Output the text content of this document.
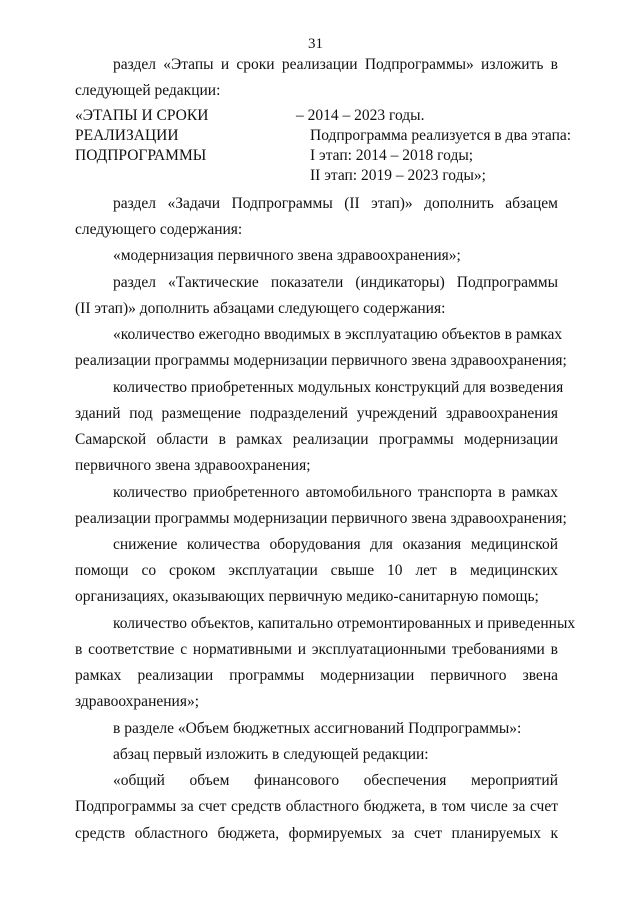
31
раздел «Этапы и сроки реализации Подпрограммы» изложить в
следующей редакции:
«ЭТАПЫ И СРОКИ
РЕАЛИЗАЦИИ
ПОДПРОГРАММЫ
– 2014 – 2023 годы.
Подпрограмма реализуется в два этапа:
I этап: 2014 – 2018 годы;
II этап: 2019 – 2023 годы»;
раздел «Задачи Подпрограммы (II этап)» дополнить абзацем
следующего содержания:
«модернизация первичного звена здравоохранения»;
раздел «Тактические показатели (индикаторы) Подпрограммы
(II этап)» дополнить абзацами следующего содержания:
«количество ежегодно вводимых в эксплуатацию объектов в рамках
реализации программы модернизации первичного звена здравоохранения;
количество приобретенных модульных конструкций для возведения
зданий под размещение подразделений учреждений здравоохранения
Самарской области в рамках реализации программы модернизации
первичного звена здравоохранения;
количество приобретенного автомобильного транспорта в рамках
реализации программы модернизации первичного звена здравоохранения;
снижение количества оборудования для оказания медицинской
помощи со сроком эксплуатации свыше 10 лет в медицинских
организациях, оказывающих первичную медико-санитарную помощь;
количество объектов, капитально отремонтированных и приведенных
в соответствие с нормативными и эксплуатационными требованиями в
рамках реализации программы модернизации первичного звена
здравоохранения»;
в разделе «Объем бюджетных ассигнований Подпрограммы»:
абзац первый изложить в следующей редакции:
«общий объем финансового обеспечения мероприятий
Подпрограммы за счет средств областного бюджета, в том числе за счет
средств областного бюджета, формируемых за счет планируемых к
